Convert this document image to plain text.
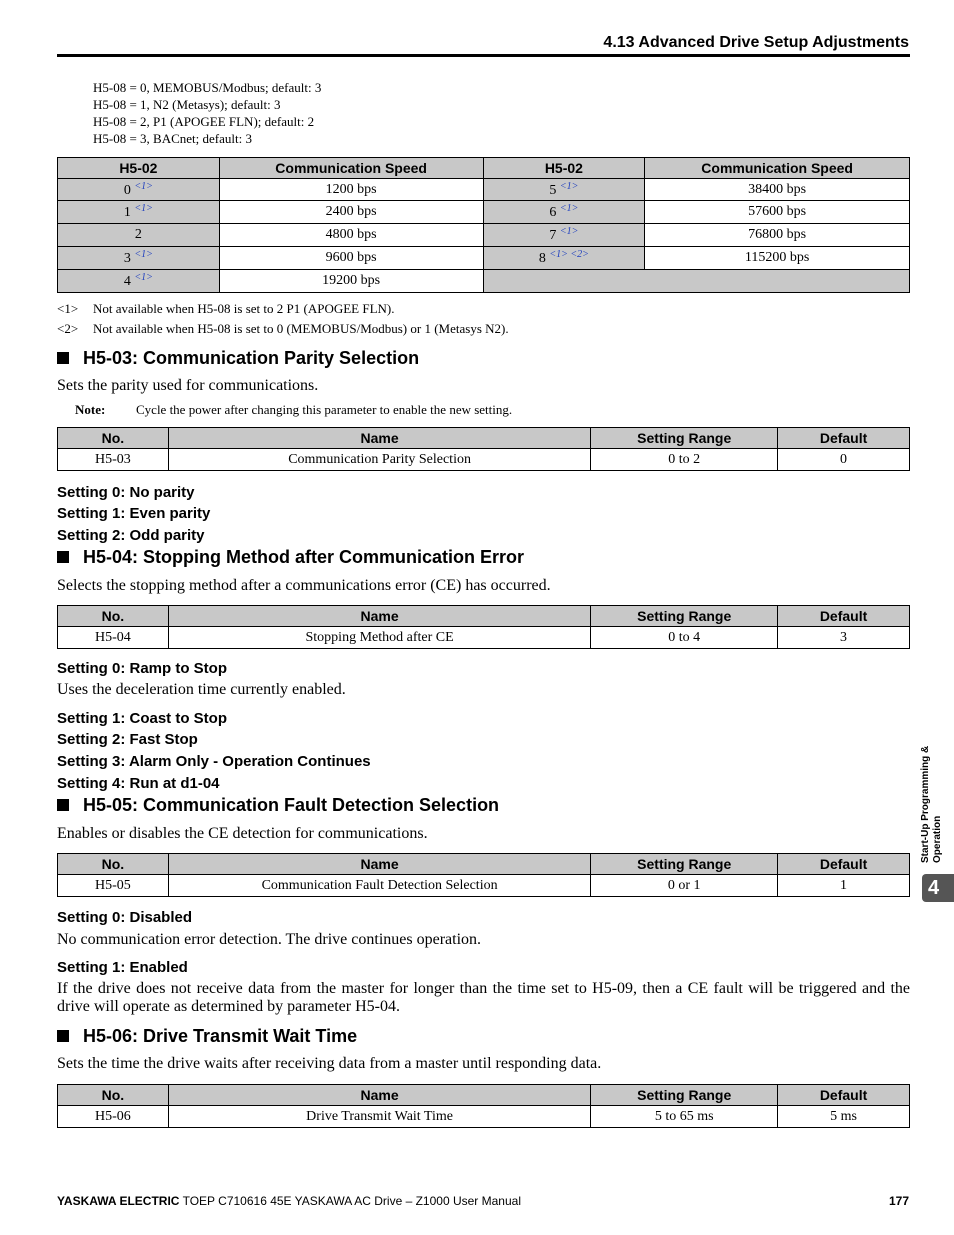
4.13 Advanced Drive Setup Adjustments
H5-08 = 0, MEMOBUS/Modbus; default: 3
H5-08 = 1, N2 (Metasys); default: 3
H5-08 = 2, P1 (APOGEE FLN); default: 2
H5-08 = 3, BACnet; default: 3
H5-02	Communication Speed	H5-02	Communication Speed
0 $^{<1>}$	1200 bps	5 $^{<1>}$	38400 bps
1 $^{<1>}$	2400 bps	6 $^{<1>}$	57600 bps
2	4800 bps	7 $^{<1>}$	76800 bps
3 $^{<1>}$	9600 bps	8 $^{<1> <2>}$	115200 bps
4 $^{<1>}$	19200 bps		
<1> Not available when H5-08 is set to 2 P1 (APOGEE FLN).
<2> Not available when H5-08 is set to 0 (MEMOBUS/Modbus) or 1 (Metasys N2).
H5-03: Communication Parity Selection
Sets the parity used for communications.
Note: Cycle the power after changing this parameter to enable the new setting.
No.	Name	Setting Range	Default
H5-03	Communication Parity Selection	0 to 2	0
Setting 0: No parity
Setting 1: Even parity
Setting 2: Odd parity
H5-04: Stopping Method after Communication Error
Selects the stopping method after a communications error (CE) has occurred.
No.	Name	Setting Range	Default
H5-04	Stopping Method after CE	0 to 4	3
Setting 0: Ramp to Stop
Uses the deceleration time currently enabled.
Setting 1: Coast to Stop
Setting 2: Fast Stop
Setting 3: Alarm Only - Operation Continues
Setting 4: Run at d1-04
H5-05: Communication Fault Detection Selection
Enables or disables the CE detection for communications.
No.	Name	Setting Range	Default
H5-05	Communication Fault Detection Selection	0 or 1	1
Setting 0: Disabled
No communication error detection. The drive continues operation.
Setting 1: Enabled
If the drive does not receive data from the master for longer than the time set to H5-09, then a CE fault will be triggered and the drive will operate as determined by parameter H5-04.
H5-06: Drive Transmit Wait Time
Sets the time the drive waits after receiving data from a master until responding data.
No.	Name	Setting Range	Default
H5-06	Drive Transmit Wait Time	5 to 65 ms	5 ms
Start-Up Programming & Operation
4
YASKAWA ELECTRIC TOEP C710616 45E YASKAWA AC Drive – Z1000 User Manual	177
